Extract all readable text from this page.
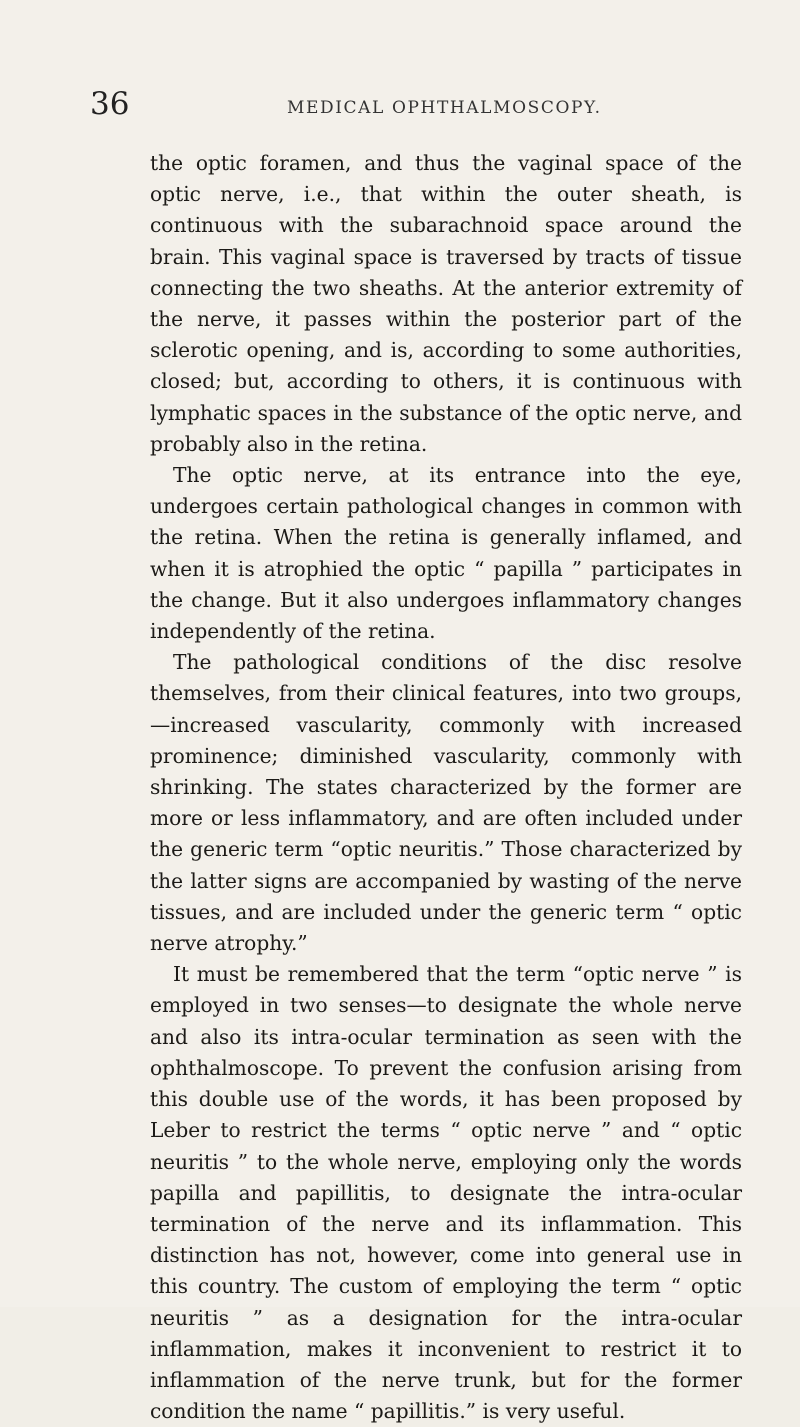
36	MEDICAL OPHTHALMOSCOPY.

the optic foramen, and thus the vaginal space of the optic nerve, i.e., that within the outer sheath, is continuous with the subarachnoid space around the brain. This vaginal space is traversed by tracts of tissue connecting the two sheaths. At the anterior extremity of the nerve, it passes within the posterior part of the sclerotic opening, and is, according to some authorities, closed; but, according to others, it is continuous with lymphatic spaces in the substance of the optic nerve, and probably also in the retina.

The optic nerve, at its entrance into the eye, undergoes certain pathological changes in common with the retina. When the retina is generally inflamed, and when it is atrophied the optic “ papilla ” participates in the change. But it also undergoes inflammatory changes independently of the retina.

The pathological conditions of the disc resolve themselves, from their clinical features, into two groups,—increased vascularity, commonly with increased prominence; diminished vascularity, commonly with shrinking. The states characterized by the former are more or less inflammatory, and are often included under the generic term “optic neuritis.” Those characterized by the latter signs are accompanied by wasting of the nerve tissues, and are included under the generic term “ optic nerve atrophy.”

It must be remembered that the term “optic nerve ” is employed in two senses—to designate the whole nerve and also its intra-ocular termination as seen with the ophthalmoscope. To prevent the confusion arising from this double use of the words, it has been proposed by Leber to restrict the terms “ optic nerve ” and “ optic neuritis ” to the whole nerve, employing only the words papilla and papillitis, to designate the intra-ocular termination of the nerve and its inflammation. This distinction has not, however, come into general use in this country. The custom of employing the term “ optic neuritis ” as a designation for the intra-ocular inflammation, makes it inconvenient to restrict it to inflammation of the nerve trunk, but for the former condition the name “ papillitis.” is very useful.
